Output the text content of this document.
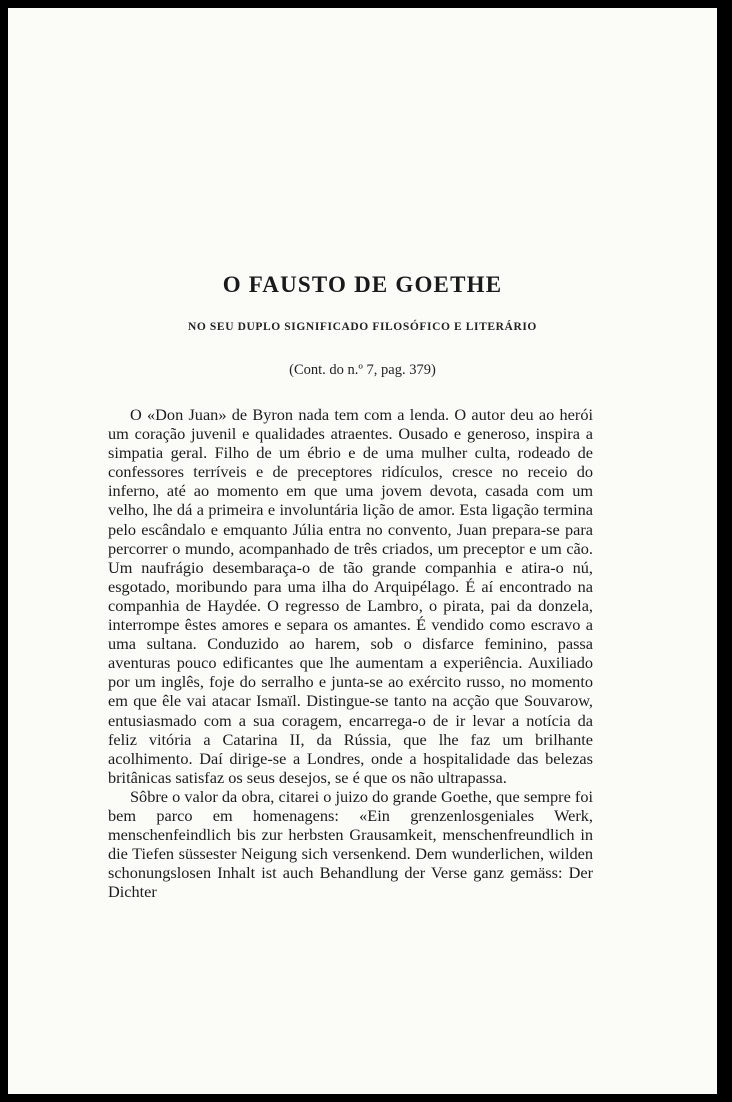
O FAUSTO DE GOETHE
NO SEU DUPLO SIGNIFICADO FILOSÓFICO E LITERÁRIO
(Cont. do n.º 7, pag. 379)

O «Don Juan» de Byron nada tem com a lenda. O autor deu ao herói um coração juvenil e qualidades atraentes. Ousado e generoso, inspira a simpatia geral. Filho de um ébrio e de uma mulher culta, rodeado de confessores terríveis e de preceptores ridículos, cresce no receio do inferno, até ao momento em que uma jovem devota, casada com um velho, lhe dá a primeira e involuntária lição de amor. Esta ligação termina pelo escândalo e emquanto Júlia entra no convento, Juan prepara-se para percorrer o mundo, acompanhado de três criados, um preceptor e um cão. Um naufrágio desembaraça-o de tão grande companhia e atira-o nú, esgotado, moribundo para uma ilha do Arquipélago. É aí encontrado na companhia de Haydée. O regresso de Lambro, o pirata, pai da donzela, interrompe êstes amores e separa os amantes. É vendido como escravo a uma sultana. Conduzido ao harem, sob o disfarce feminino, passa aventuras pouco edificantes que lhe aumentam a experiência. Auxiliado por um inglês, foje do serralho e junta-se ao exército russo, no momento em que êle vai atacar Ismaïl. Distingue-se tanto na acção que Souvarow, entusiasmado com a sua coragem, encarrega-o de ir levar a notícia da feliz vitória a Catarina II, da Rússia, que lhe faz um brilhante acolhimento. Daí dirige-se a Londres, onde a hospitalidade das belezas britânicas satisfaz os seus desejos, se é que os não ultrapassa.

Sôbre o valor da obra, citarei o juizo do grande Goethe, que sempre foi bem parco em homenagens: «Ein grenzenlosgeniales Werk, menschenfeindlich bis zur herbsten Grausamkeit, menschenfreundlich in die Tiefen süssester Neigung sich versenkend. Dem wunderlichen, wilden schonungslosen Inhalt ist auch Behandlung der Verse ganz gemäss: Der Dichter
